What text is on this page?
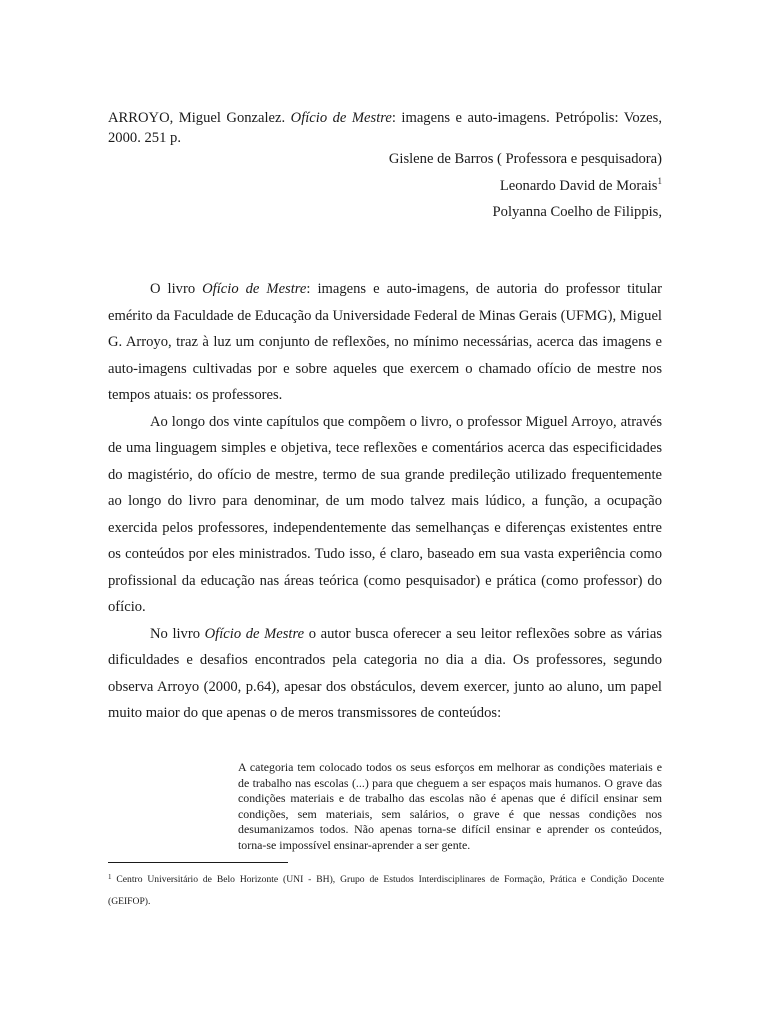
ARROYO, Miguel Gonzalez. Ofício de Mestre: imagens e auto-imagens. Petrópolis: Vozes, 2000. 251 p.
Gislene de Barros ( Professora e pesquisadora)
Leonardo David de Morais$^1$
Polyanna Coelho de Filippis,

O livro Ofício de Mestre: imagens e auto-imagens, de autoria do professor titular emérito da Faculdade de Educação da Universidade Federal de Minas Gerais (UFMG), Miguel G. Arroyo, traz à luz um conjunto de reflexões, no mínimo necessárias, acerca das imagens e auto-imagens cultivadas por e sobre aqueles que exercem o chamado ofício de mestre nos tempos atuais: os professores.

Ao longo dos vinte capítulos que compõem o livro, o professor Miguel Arroyo, através de uma linguagem simples e objetiva, tece reflexões e comentários acerca das especificidades do magistério, do ofício de mestre, termo de sua grande predileção utilizado frequentemente ao longo do livro para denominar, de um modo talvez mais lúdico, a função, a ocupação exercida pelos professores, independentemente das semelhanças e diferenças existentes entre os conteúdos por eles ministrados. Tudo isso, é claro, baseado em sua vasta experiência como profissional da educação nas áreas teórica (como pesquisador) e prática (como professor) do ofício.

No livro Ofício de Mestre o autor busca oferecer a seu leitor reflexões sobre as várias dificuldades e desafios encontrados pela categoria no dia a dia. Os professores, segundo observa Arroyo (2000, p.64), apesar dos obstáculos, devem exercer, junto ao aluno, um papel muito maior do que apenas o de meros transmissores de conteúdos:

A categoria tem colocado todos os seus esforços em melhorar as condições materiais e de trabalho nas escolas (...) para que cheguem a ser espaços mais humanos. O grave das condições materiais e de trabalho das escolas não é apenas que é difícil ensinar sem condições, sem materiais, sem salários, o grave é que nessas condições nos desumanizamos todos. Não apenas torna-se difícil ensinar e aprender os conteúdos, torna-se impossível ensinar-aprender a ser gente.
$^1$ Centro Universitário de Belo Horizonte (UNI - BH), Grupo de Estudos Interdisciplinares de Formação, Prática e Condição Docente (GEIFOP).
